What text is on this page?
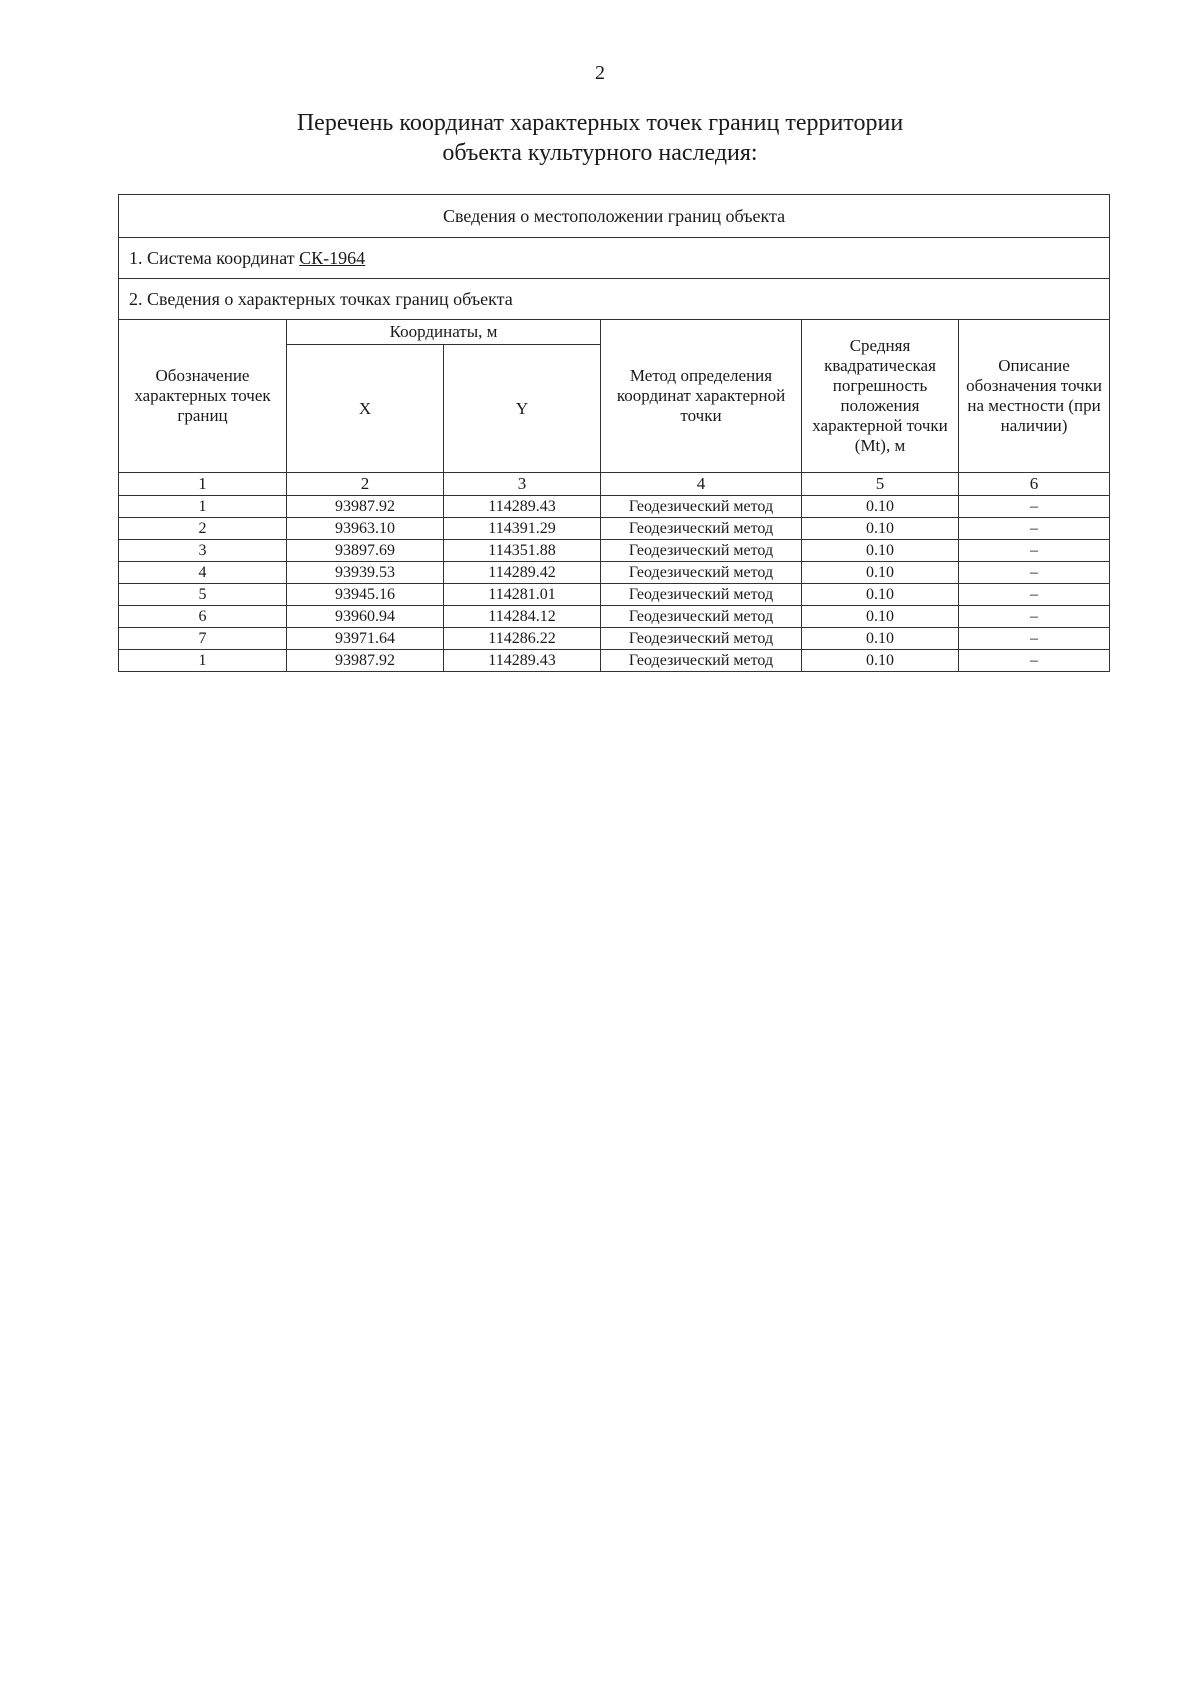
2
Перечень координат характерных точек границ территории
объекта культурного наследия:
Сведения о местоположении границ объекта					
1. Система координат СК-1964					
2. Сведения о характерных точках границ объекта					
Обозначение характерных точек границ	Координаты, м		Метод определения координат характерной точки	Средняя квадратическая погрешность положения характерной точки (Mt), м	Описание обозначения точки на местности (при наличии)
	X	Y			
1	2	3	4	5	6
1	93987.92	114289.43	Геодезический метод	0.10	–
2	93963.10	114391.29	Геодезический метод	0.10	–
3	93897.69	114351.88	Геодезический метод	0.10	–
4	93939.53	114289.42	Геодезический метод	0.10	–
5	93945.16	114281.01	Геодезический метод	0.10	–
6	93960.94	114284.12	Геодезический метод	0.10	–
7	93971.64	114286.22	Геодезический метод	0.10	–
1	93987.92	114289.43	Геодезический метод	0.10	–
